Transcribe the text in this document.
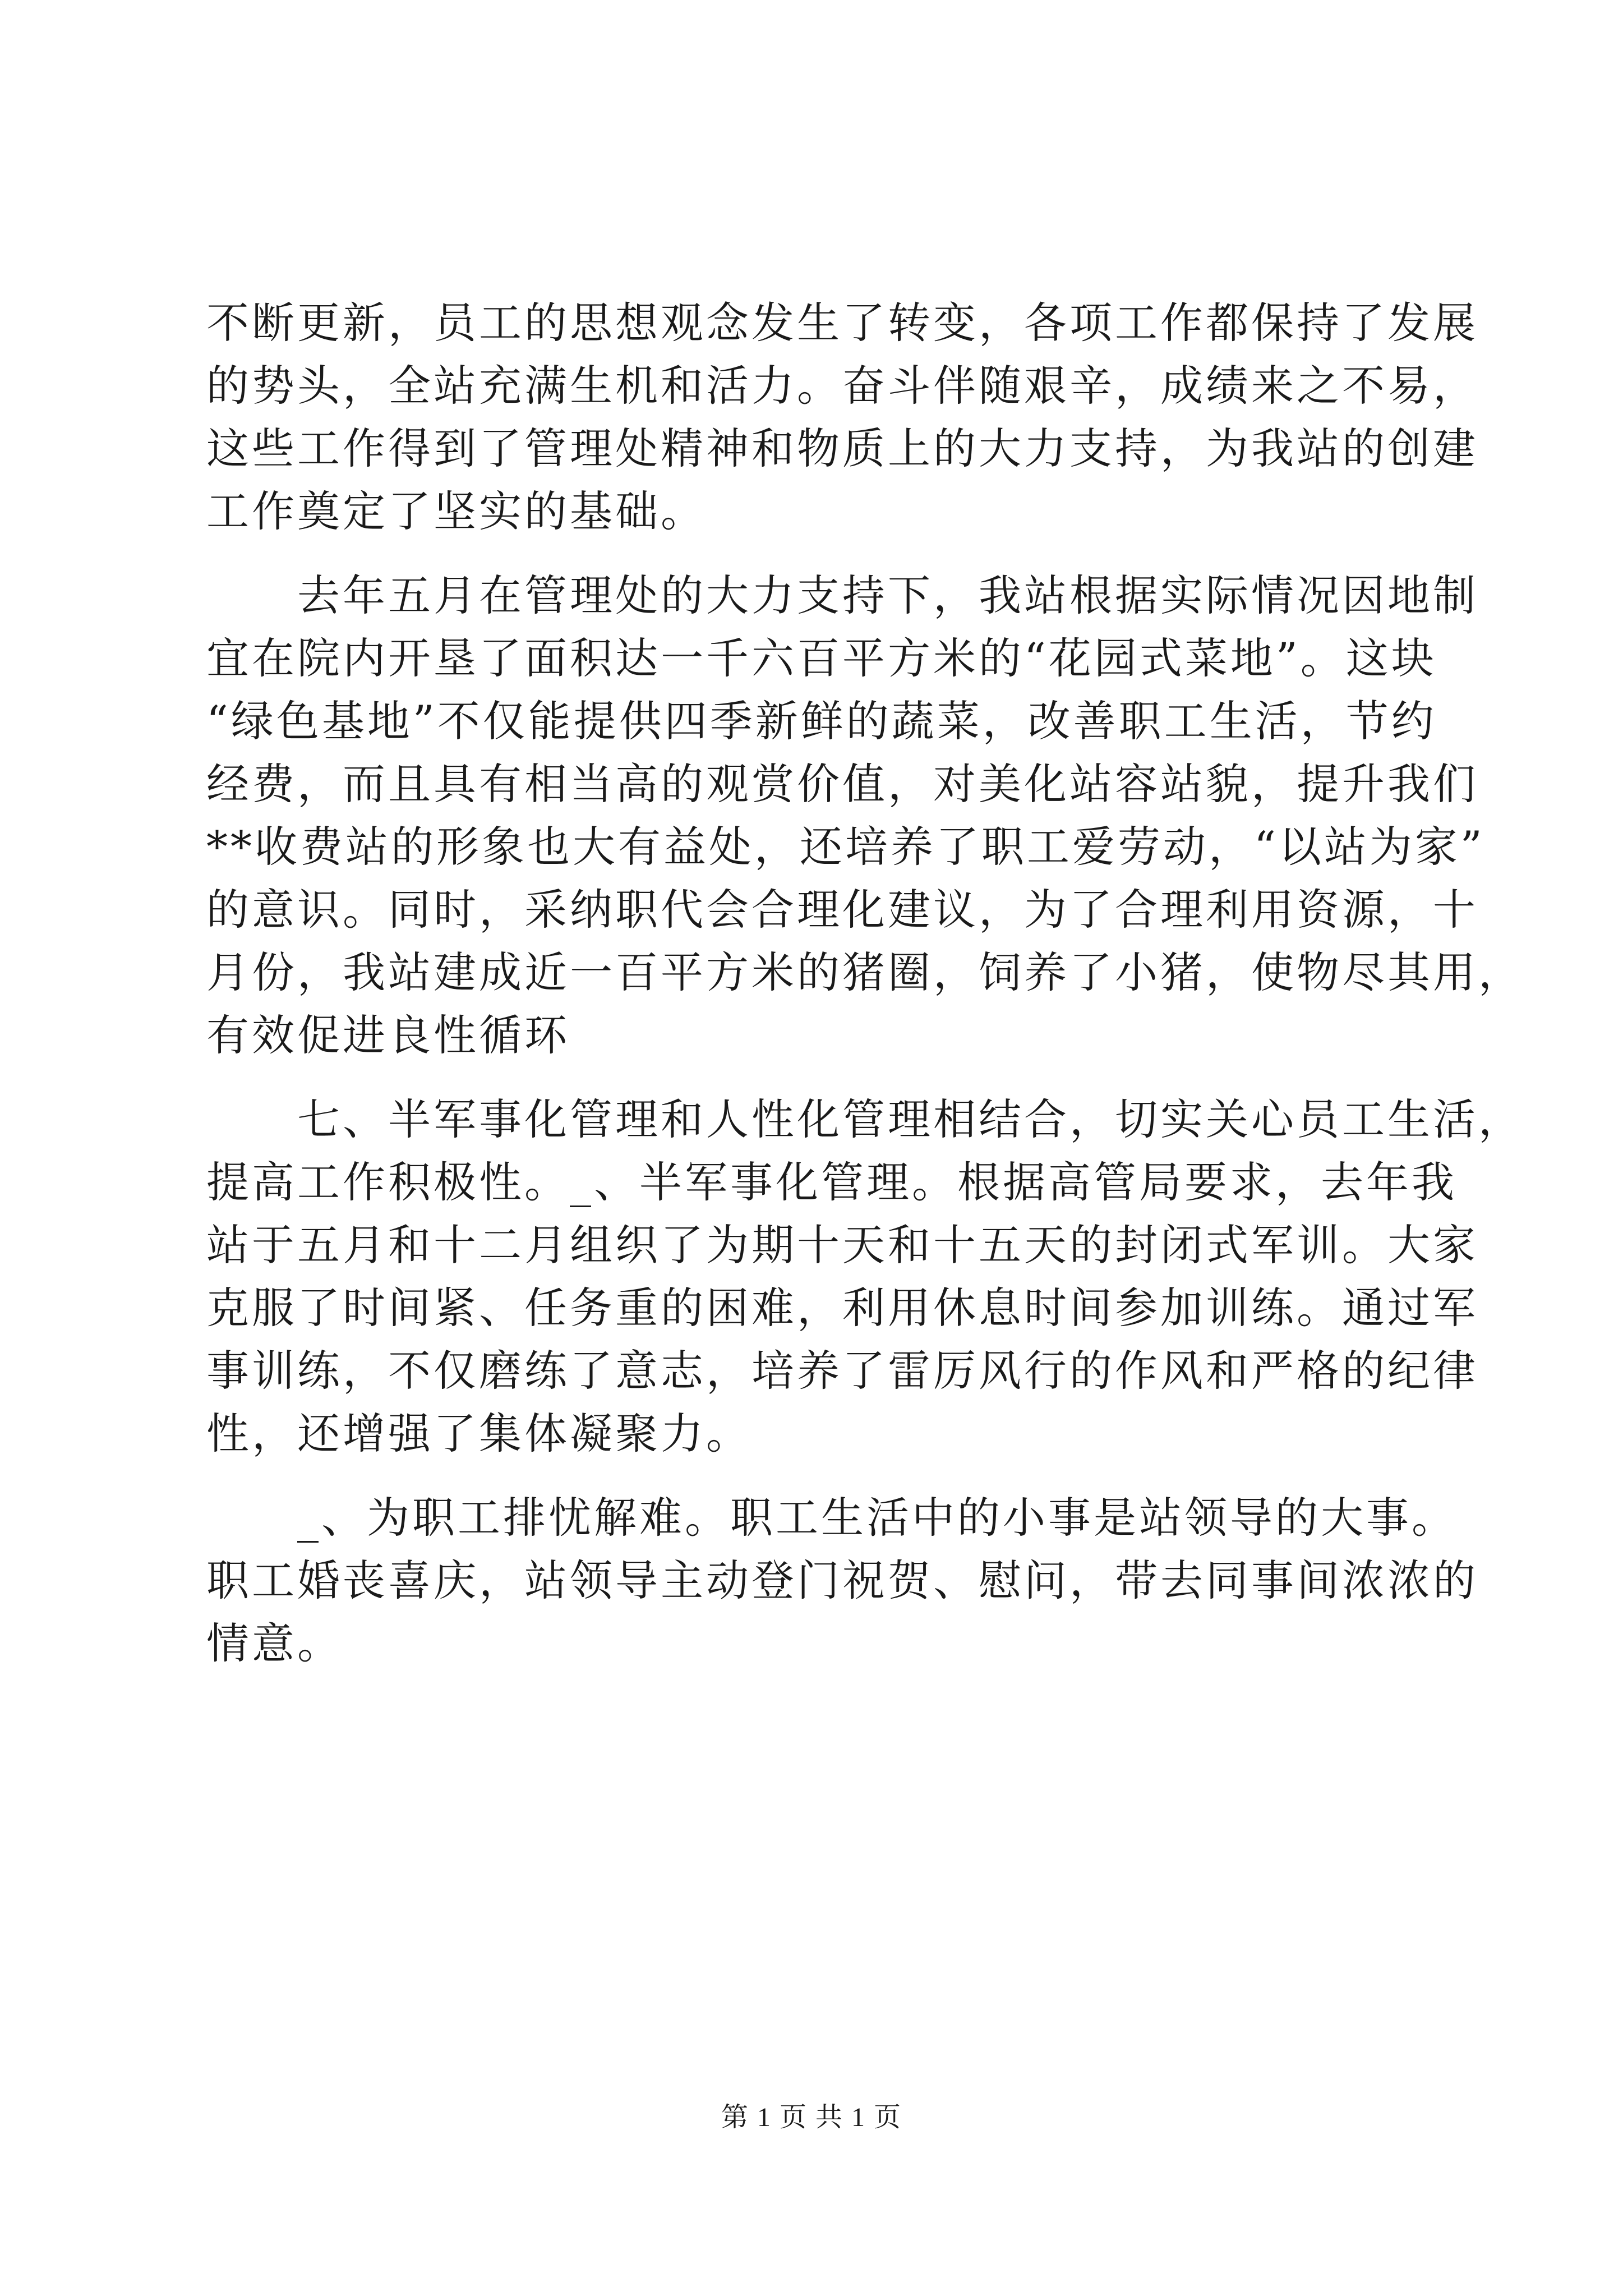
不断更新，员工的思想观念发生了转变，各项工作都保持了发展
的势头，全站充满生机和活力。奋斗伴随艰辛，成绩来之不易，
这些工作得到了管理处精神和物质上的大力支持，为我站的创建
工作奠定了坚实的基础。
　　去年五月在管理处的大力支持下，我站根据实际情况因地制
宜在院内开垦了面积达一千六百平方米的“花园式菜地”。这块
“绿色基地”不仅能提供四季新鲜的蔬菜，改善职工生活，节约
经费，而且具有相当高的观赏价值，对美化站容站貌，提升我们
**收费站的形象也大有益处，还培养了职工爱劳动，“以站为家”
的意识。同时，采纳职代会合理化建议，为了合理利用资源，十
月份，我站建成近一百平方米的猪圈，饲养了小猪，使物尽其用，
有效促进良性循环
　　七、半军事化管理和人性化管理相结合，切实关心员工生活，
提高工作积极性。_、半军事化管理。根据高管局要求，去年我
站于五月和十二月组织了为期十天和十五天的封闭式军训。大家
克服了时间紧、任务重的困难，利用休息时间参加训练。通过军
事训练，不仅磨练了意志，培养了雷厉风行的作风和严格的纪律
性，还增强了集体凝聚力。
　　_、为职工排忧解难。职工生活中的小事是站领导的大事。
职工婚丧喜庆，站领导主动登门祝贺、慰问，带去同事间浓浓的
情意。
第 1 页 共 1 页
